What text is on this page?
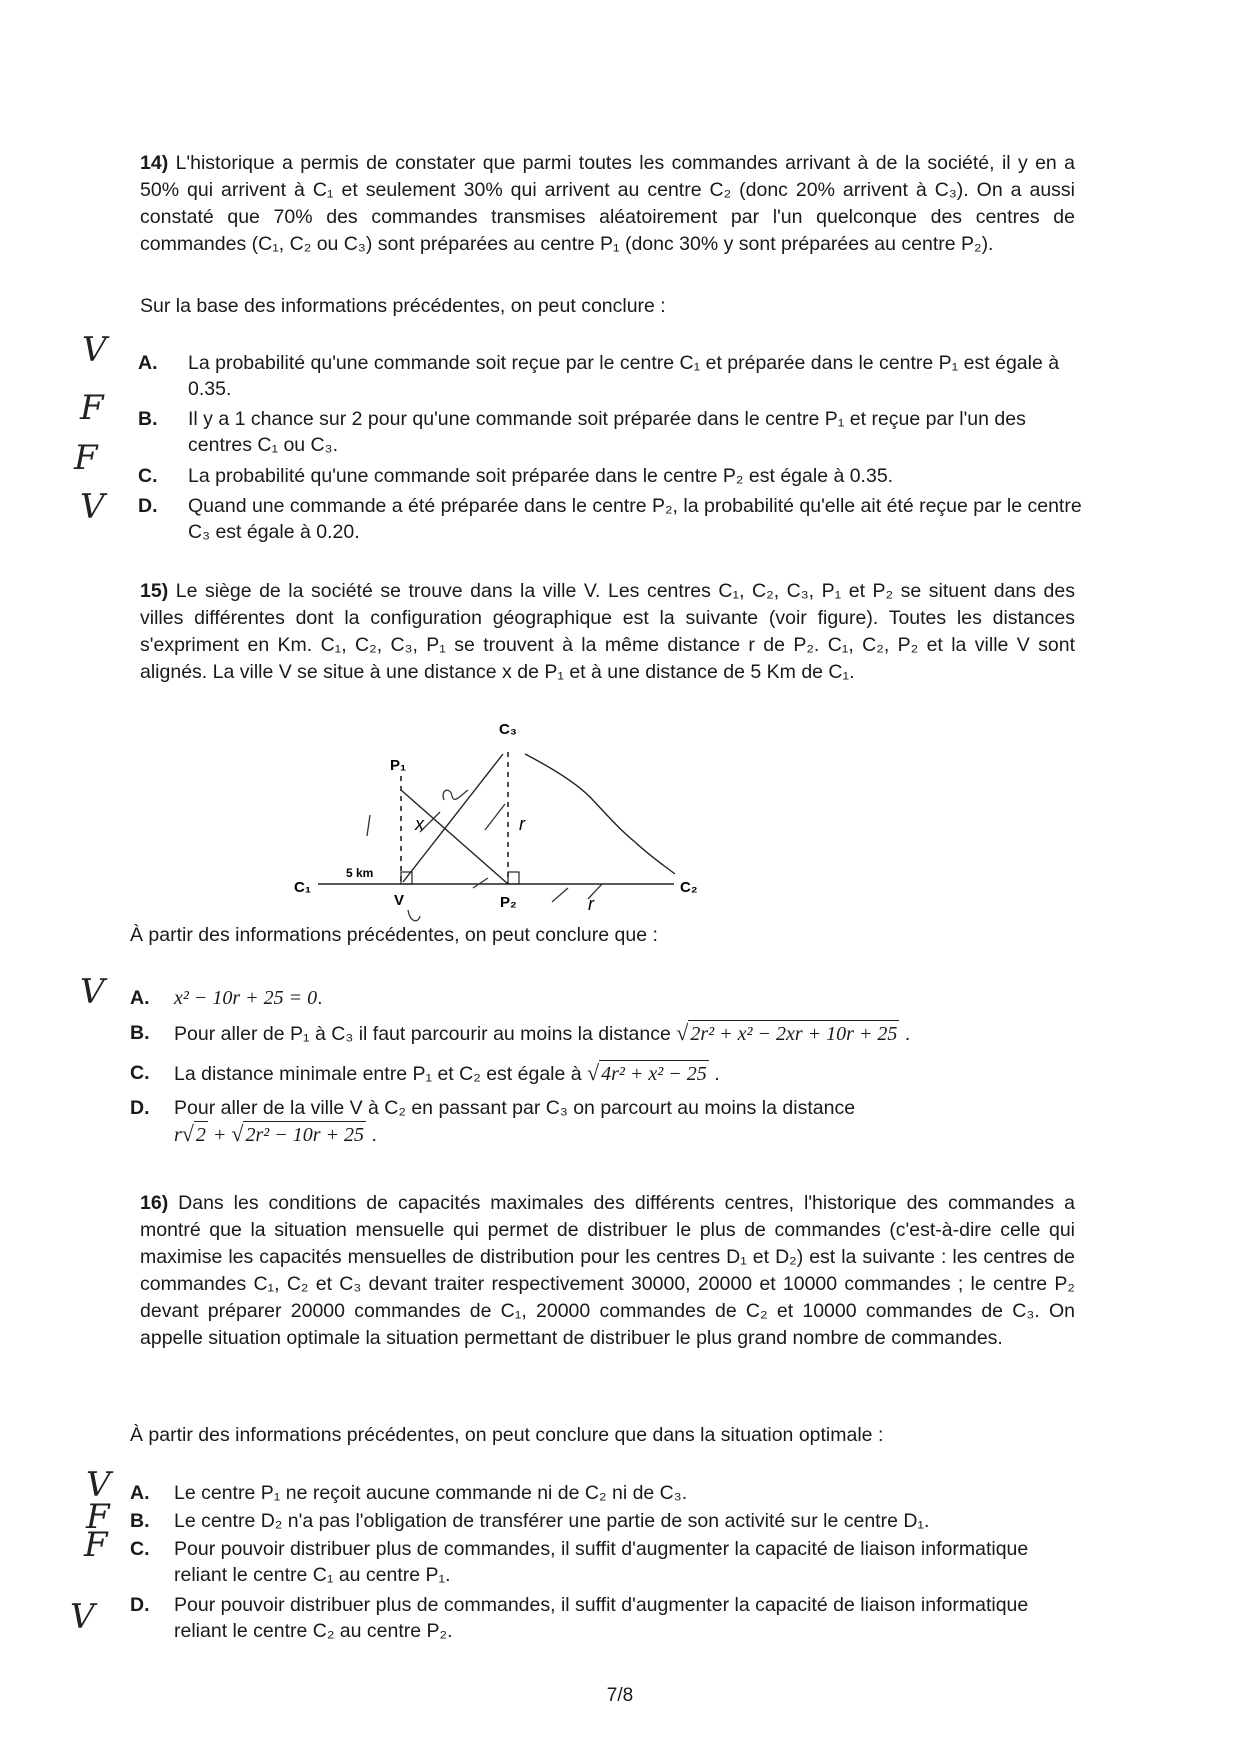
14) L'historique a permis de constater que parmi toutes les commandes arrivant à de la société, il y en a 50% qui arrivent à C₁ et seulement 30% qui arrivent au centre C₂ (donc 20% arrivent à C₃). On a aussi constaté que 70% des commandes transmises aléatoirement par l'un quelconque des centres de commandes (C₁, C₂ ou C₃) sont préparées au centre P₁ (donc 30% y sont préparées au centre P₂).
Sur la base des informations précédentes, on peut conclure :
V A. La probabilité qu'une commande soit reçue par le centre C₁ et préparée dans le centre P₁ est égale à 0.35.
F B. Il y a 1 chance sur 2 pour qu'une commande soit préparée dans le centre P₁ et reçue par l'un des centres C₁ ou C₃.
F C. La probabilité qu'une commande soit préparée dans le centre P₂ est égale à 0.35.
V D. Quand une commande a été préparée dans le centre P₂, la probabilité qu'elle ait été reçue par le centre C₃ est égale à 0.20.
15) Le siège de la société se trouve dans la ville V. Les centres C₁, C₂, C₃, P₁ et P₂ se situent dans des villes différentes dont la configuration géographique est la suivante (voir figure). Toutes les distances s'expriment en Km. C₁, C₂, C₃, P₁ se trouvent à la même distance r de P₂. C₁, C₂, P₂ et la ville V sont alignés. La ville V se situe à une distance x de P₁ et à une distance de 5 Km de C₁.
C₃
P₁
x	r
5 km
C₁	C₂
V	P₂	r
À partir des informations précédentes, on peut conclure que :
V A. x² − 10r + 25 = 0.
B. Pour aller de P₁ à C₃ il faut parcourir au moins la distance √ 2r² + x² − 2xr + 10r + 25 .
C. La distance minimale entre P₁ et C₂ est égale à √ 4r² + x² − 25 .
D. Pour aller de la ville V à C₂ en passant par C₃ on parcourt au moins la distance
r√ 2 + √ 2r² − 10r + 25 .
16) Dans les conditions de capacités maximales des différents centres, l'historique des commandes a montré que la situation mensuelle qui permet de distribuer le plus de commandes (c'est-à-dire celle qui maximise les capacités mensuelles de distribution pour les centres D₁ et D₂) est la suivante : les centres de commandes C₁, C₂ et C₃ devant traiter respectivement 30000, 20000 et 10000 commandes ; le centre P₂ devant préparer 20000 commandes de C₁, 20000 commandes de C₂ et 10000 commandes de C₃. On appelle situation optimale la situation permettant de distribuer le plus grand nombre de commandes.
À partir des informations précédentes, on peut conclure que dans la situation optimale :
V A. Le centre P₁ ne reçoit aucune commande ni de C₂ ni de C₃.
F B. Le centre D₂ n'a pas l'obligation de transférer une partie de son activité sur le centre D₁.
F C. Pour pouvoir distribuer plus de commandes, il suffit d'augmenter la capacité de liaison informatique reliant le centre C₁ au centre P₁.
V D. Pour pouvoir distribuer plus de commandes, il suffit d'augmenter la capacité de liaison informatique reliant le centre C₂ au centre P₂.
7/8
